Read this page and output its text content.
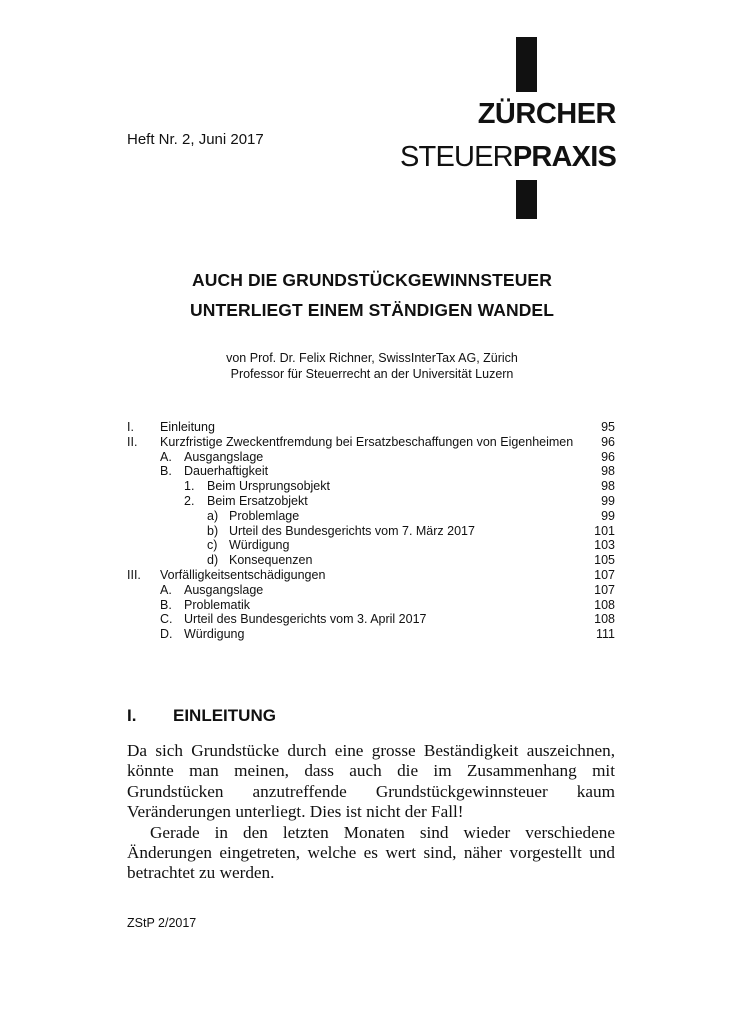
Heft Nr. 2, Juni 2017
ZÜRCHER
STEUERPRAXIS
AUCH DIE GRUNDSTÜCKGEWINNSTEUER
UNTERLIEGT EINEM STÄNDIGEN WANDEL
von Prof. Dr. Felix Richner, SwissInterTax AG, Zürich
Professor für Steuerrecht an der Universität Luzern
I. Einleitung	95
II. Kurzfristige Zweckentfremdung bei Ersatzbeschaffungen von Eigenheimen 96
A. Ausgangslage	96
B. Dauerhaftigkeit	98
1. Beim Ursprungsobjekt	98
2. Beim Ersatzobjekt	99
a) Problemlage	99
b) Urteil des Bundesgerichts vom 7. März 2017	101
c) Würdigung	103
d) Konsequenzen	105
III. Vorfälligkeitsentschädigungen	107
A. Ausgangslage	107
B. Problematik	108
C. Urteil des Bundesgerichts vom 3. April 2017	108
D. Würdigung	111
I. EINLEITUNG

Da sich Grundstücke durch eine grosse Beständigkeit auszeichnen, könnte man meinen, dass auch die im Zusammenhang mit Grundstücken anzutreffende Grundstückgewinnsteuer kaum Veränderungen unterliegt. Dies ist nicht der Fall!

Gerade in den letzten Monaten sind wieder verschiedene Änderungen eingetreten, welche es wert sind, näher vorgestellt und betrachtet zu werden.

ZStP 2/2017
